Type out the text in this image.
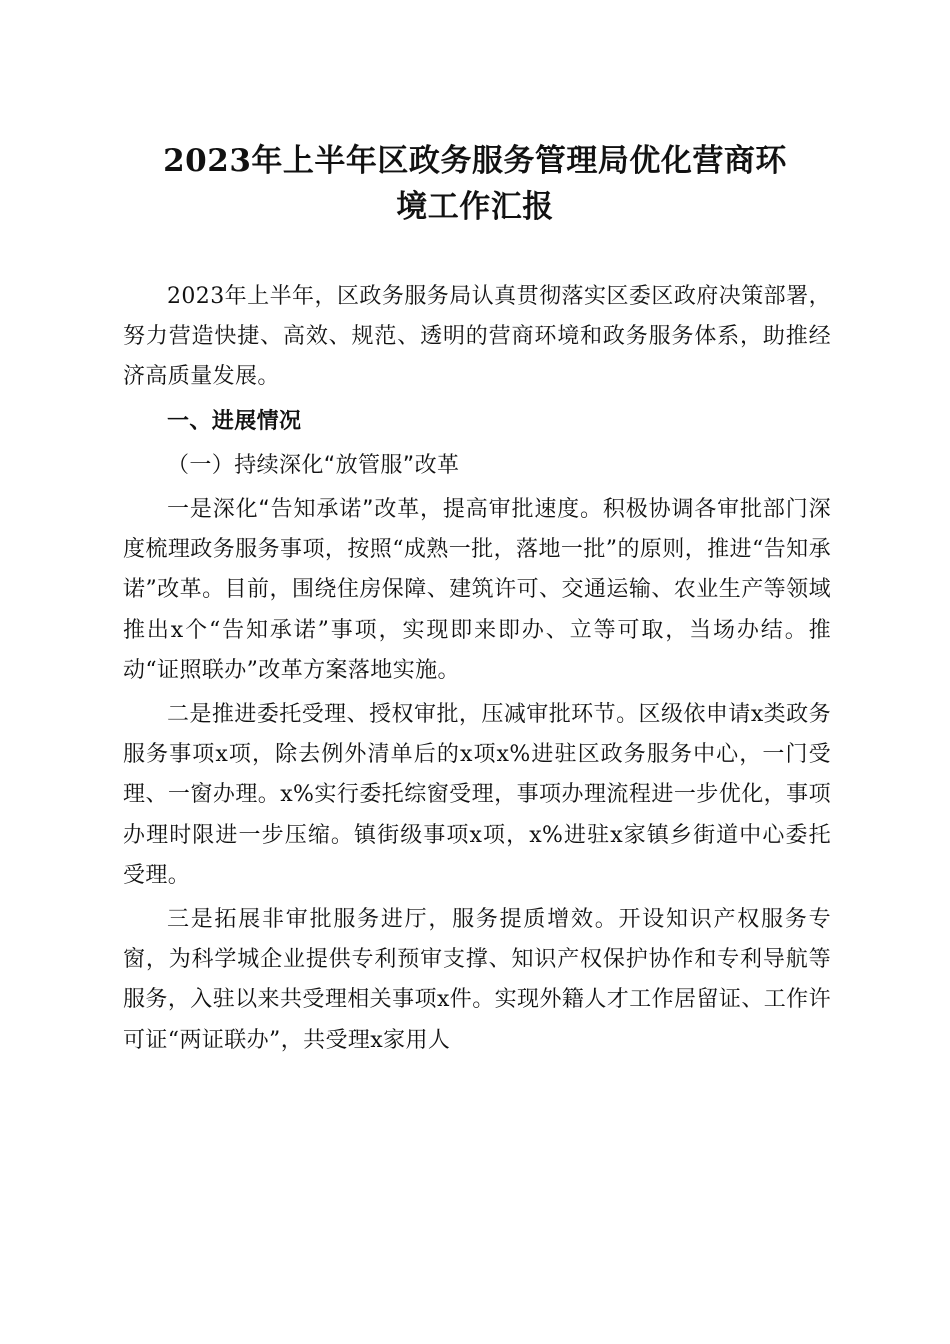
2023年上半年区政务服务管理局优化营商环
境工作汇报

2023年上半年，区政务服务局认真贯彻落实区委区政府决策部署，努力营造快捷、高效、规范、透明的营商环境和政务服务体系，助推经济高质量发展。

一、进展情况

（一）持续深化“放管服”改革

一是深化“告知承诺”改革，提高审批速度。积极协调各审批部门深度梳理政务服务事项，按照“成熟一批，落地一批”的原则，推进“告知承诺”改革。目前，围绕住房保障、建筑许可、交通运输、农业生产等领域推出x个“告知承诺”事项，实现即来即办、立等可取，当场办结。推动“证照联办”改革方案落地实施。

二是推进委托受理、授权审批，压减审批环节。区级依申请x类政务服务事项x项，除去例外清单后的x项x%进驻区政务服务中心，一门受理、一窗办理。x%实行委托综窗受理，事项办理流程进一步优化，事项办理时限进一步压缩。镇街级事项x项，x%进驻x家镇乡街道中心委托受理。

三是拓展非审批服务进厅，服务提质增效。开设知识产权服务专窗，为科学城企业提供专利预审支撑、知识产权保护协作和专利导航等服务，入驻以来共受理相关事项x件。实现外籍人才工作居留证、工作许可证“两证联办”，共受理x家用人
